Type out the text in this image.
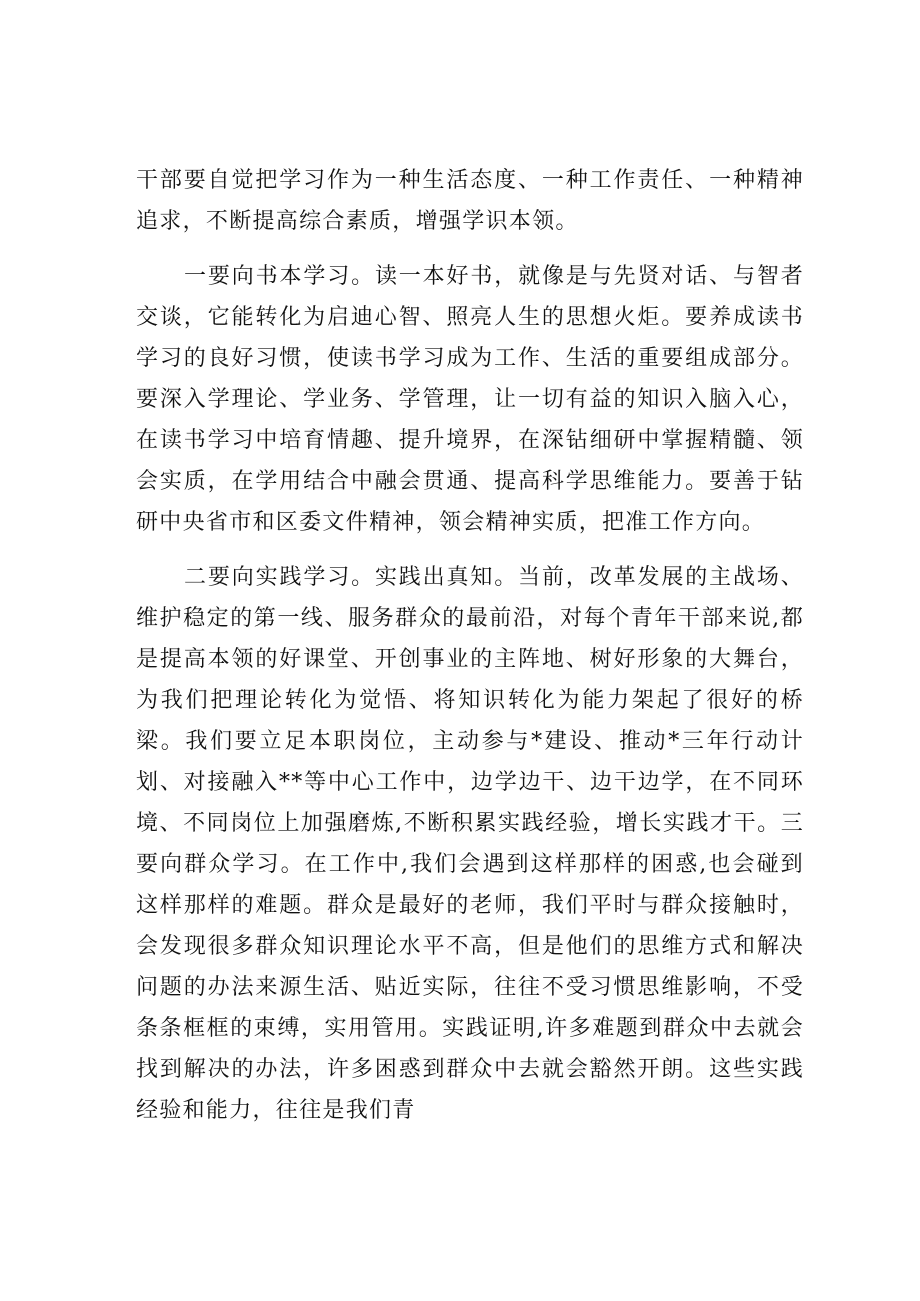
干部要自觉把学习作为一种生活态度、一种工作责任、一种精神追求，不断提高综合素质，增强学识本领。

一要向书本学习。读一本好书，就像是与先贤对话、与智者交谈，它能转化为启迪心智、照亮人生的思想火炬。要养成读书学习的良好习惯，使读书学习成为工作、生活的重要组成部分。要深入学理论、学业务、学管理，让一切有益的知识入脑入心，在读书学习中培育情趣、提升境界，在深钻细研中掌握精髓、领会实质，在学用结合中融会贯通、提高科学思维能力。要善于钻研中央省市和区委文件精神，领会精神实质，把准工作方向。

二要向实践学习。实践出真知。当前，改革发展的主战场、维护稳定的第一线、服务群众的最前沿，对每个青年干部来说,都是提高本领的好课堂、开创事业的主阵地、树好形象的大舞台，为我们把理论转化为觉悟、将知识转化为能力架起了很好的桥梁。我们要立足本职岗位，主动参与*建设、推动*三年行动计划、对接融入**等中心工作中，边学边干、边干边学，在不同环境、不同岗位上加强磨炼,不断积累实践经验，增长实践才干。三要向群众学习。在工作中,我们会遇到这样那样的困惑,也会碰到这样那样的难题。群众是最好的老师，我们平时与群众接触时，会发现很多群众知识理论水平不高，但是他们的思维方式和解决问题的办法来源生活、贴近实际，往往不受习惯思维影响，不受条条框框的束缚，实用管用。实践证明,许多难题到群众中去就会找到解决的办法，许多困惑到群众中去就会豁然开朗。这些实践经验和能力，往往是我们青
